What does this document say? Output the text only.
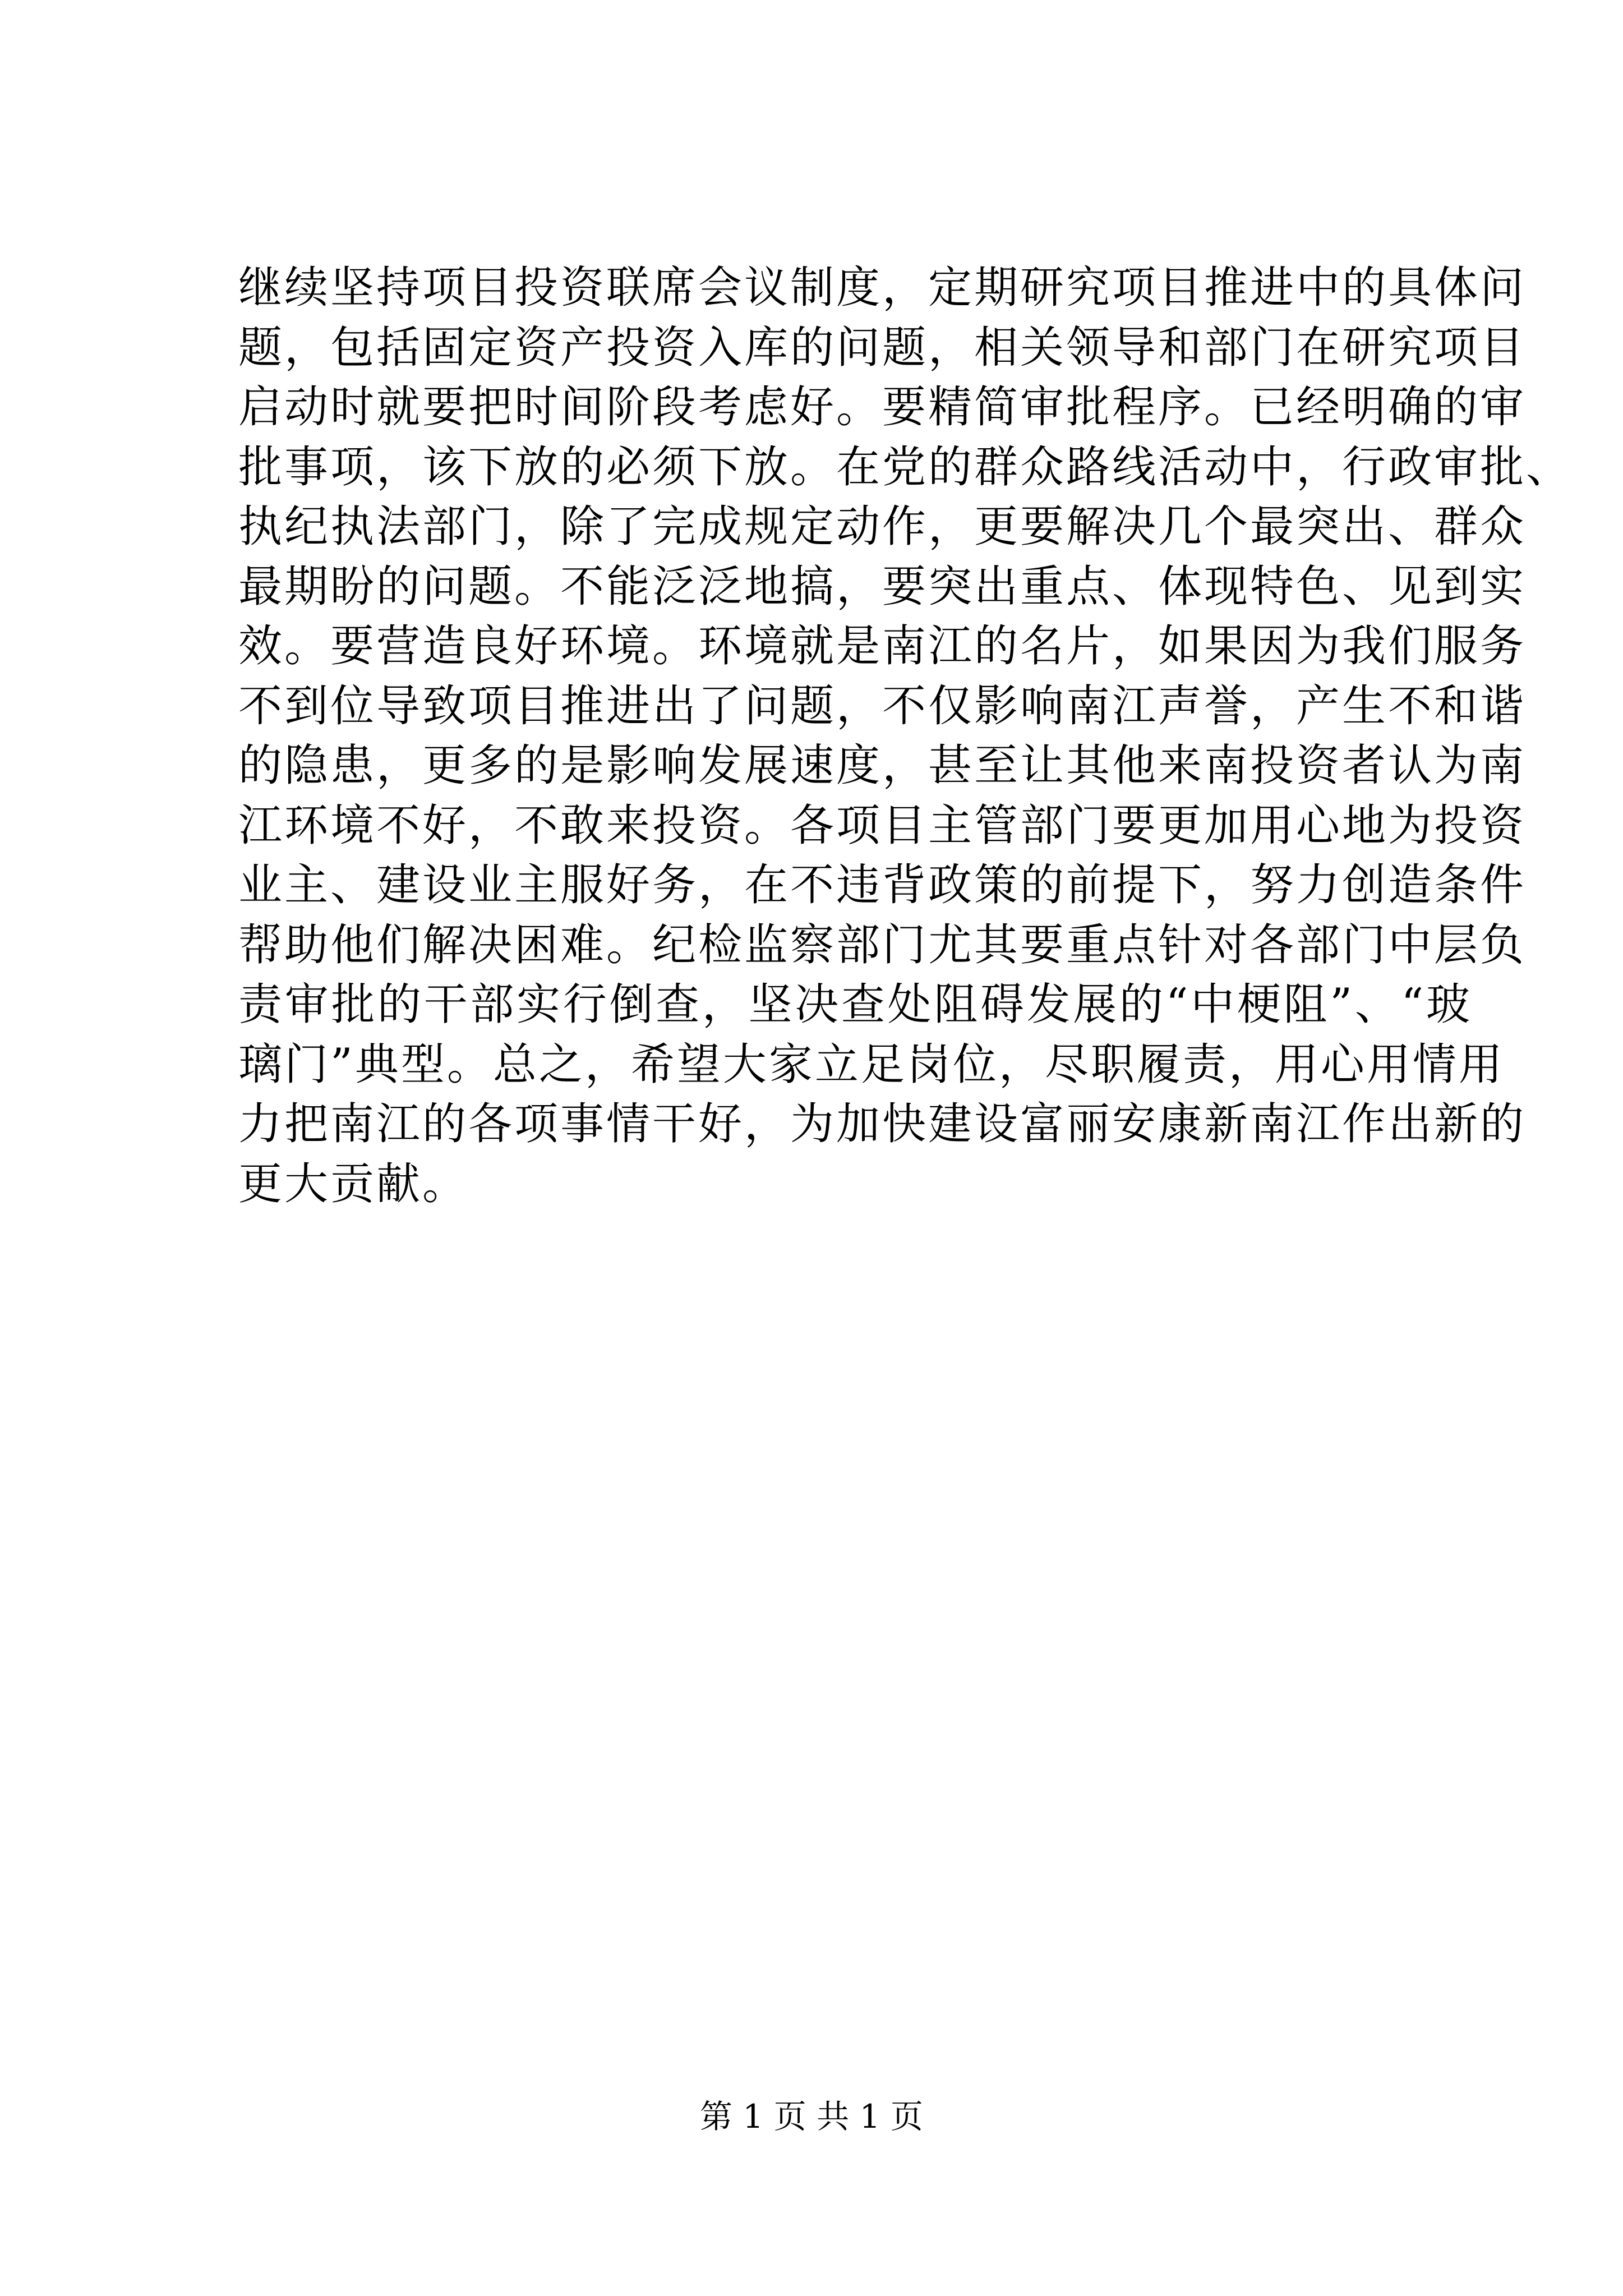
继续坚持项目投资联席会议制度，定期研究项目推进中的具体问
题，包括固定资产投资入库的问题，相关领导和部门在研究项目
启动时就要把时间阶段考虑好。要精简审批程序。已经明确的审
批事项，该下放的必须下放。在党的群众路线活动中，行政审批、
执纪执法部门，除了完成规定动作，更要解决几个最突出、群众
最期盼的问题。不能泛泛地搞，要突出重点、体现特色、见到实
效。要营造良好环境。环境就是南江的名片，如果因为我们服务
不到位导致项目推进出了问题，不仅影响南江声誉，产生不和谐
的隐患，更多的是影响发展速度，甚至让其他来南投资者认为南
江环境不好，不敢来投资。各项目主管部门要更加用心地为投资
业主、建设业主服好务，在不违背政策的前提下，努力创造条件
帮助他们解决困难。纪检监察部门尤其要重点针对各部门中层负
责审批的干部实行倒查，坚决查处阻碍发展的“中梗阻”、“玻
璃门”典型。总之，希望大家立足岗位，尽职履责，用心用情用
力把南江的各项事情干好，为加快建设富丽安康新南江作出新的
更大贡献。
第 1 页 共 1 页
